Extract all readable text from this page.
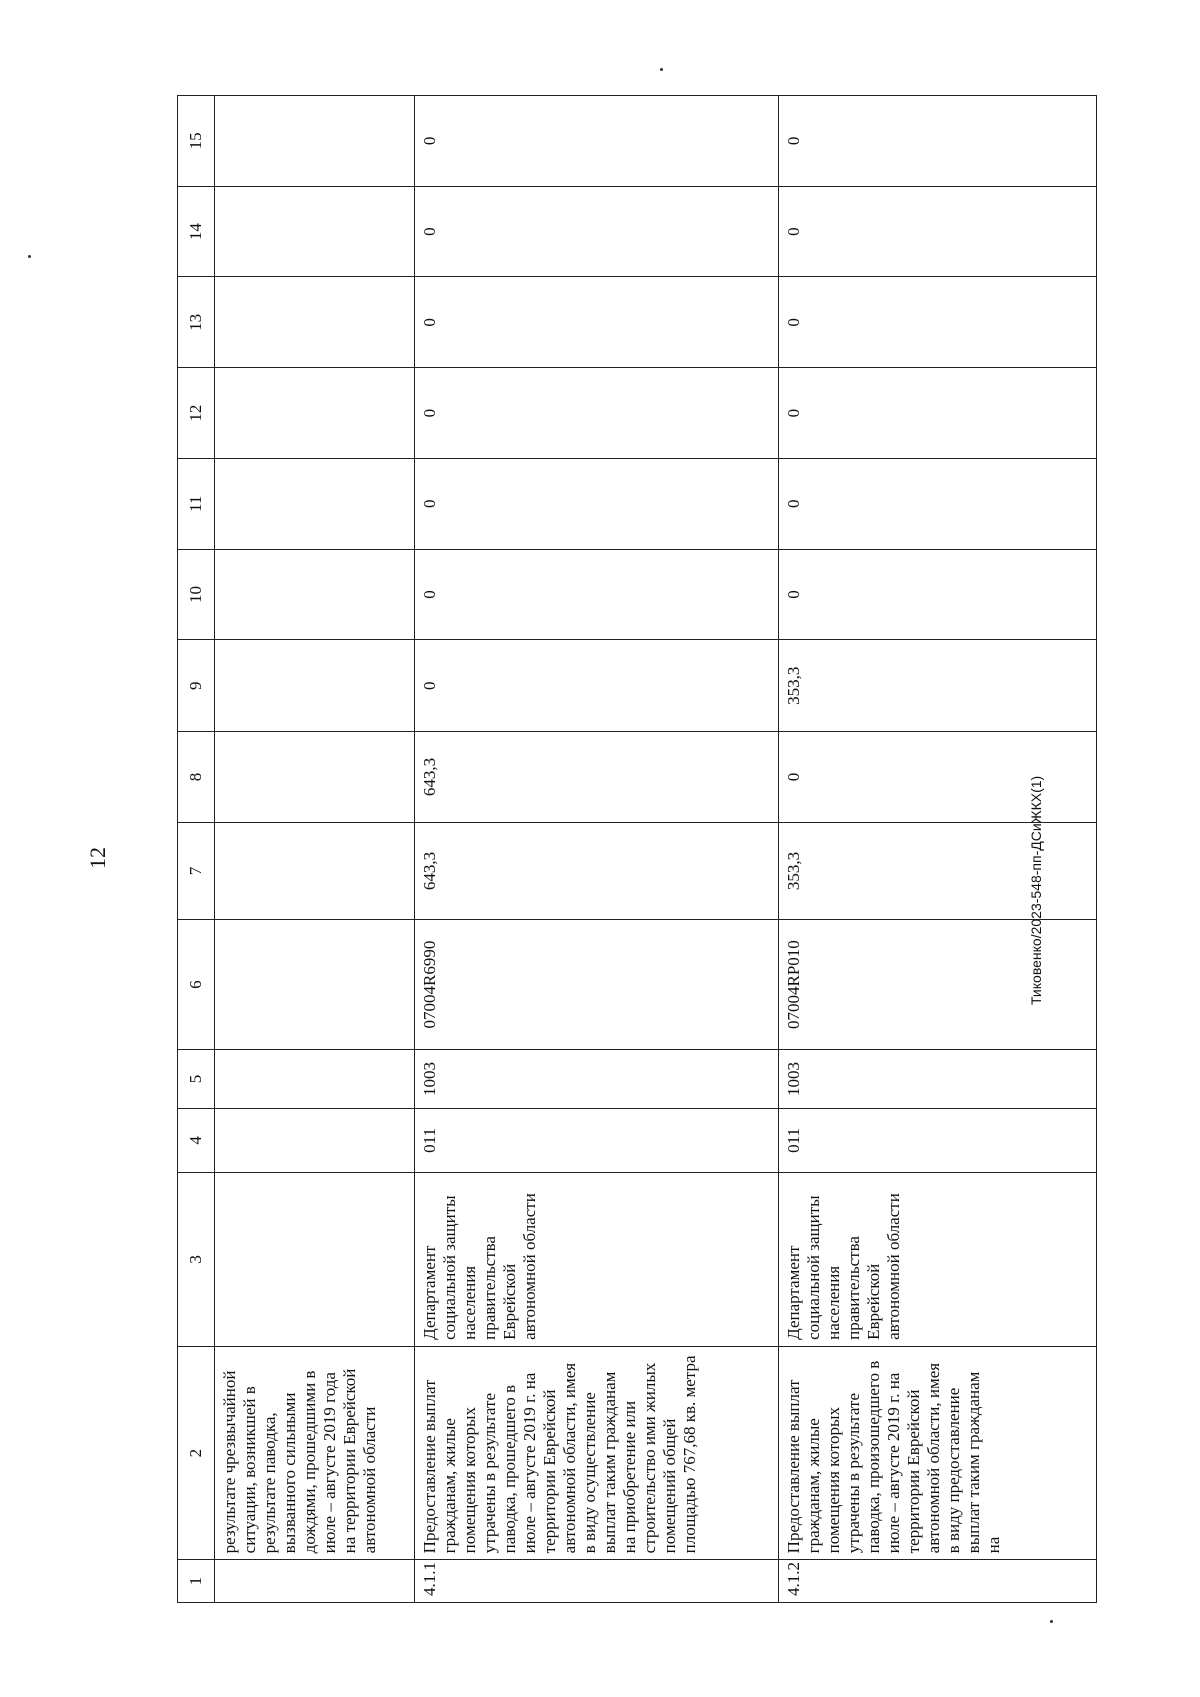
12
1	2	3	4	5	6	7	8	9	10	11	12	13	14	15
	результате чрезвычайной ситуации, возникшей в результате паводка, вызванного сильными дождями, прошедшими в июле – августе 2019 года на территории Еврейской автономной области													
4.1.1	Предоставление выплат гражданам, жилые помещения которых утрачены в результате паводка, прошедшего в июле – августе 2019 г. на территории Еврейской автономной области, имея в виду осуществление выплат таким гражданам на приобретение или строительство ими жилых помещений общей площадью 767,68 кв. метра	Департамент социальной защиты населения правительства Еврейской автономной области	011	1003	07004R6990	643,3	643,3	0	0	0	0	0	0	0
4.1.2	Предоставление выплат гражданам, жилые помещения которых утрачены в результате паводка, произошедшего в июле – августе 2019 г. на территории Еврейской автономной области, имея в виду предоставление выплат таким гражданам на	Департамент социальной защиты населения правительства Еврейской автономной области	011	1003	07004RP010	353,3	0	353,3	0	0	0	0	0	0
Тиковенко/2023-548-пп-ДСиЖКХ(1)
